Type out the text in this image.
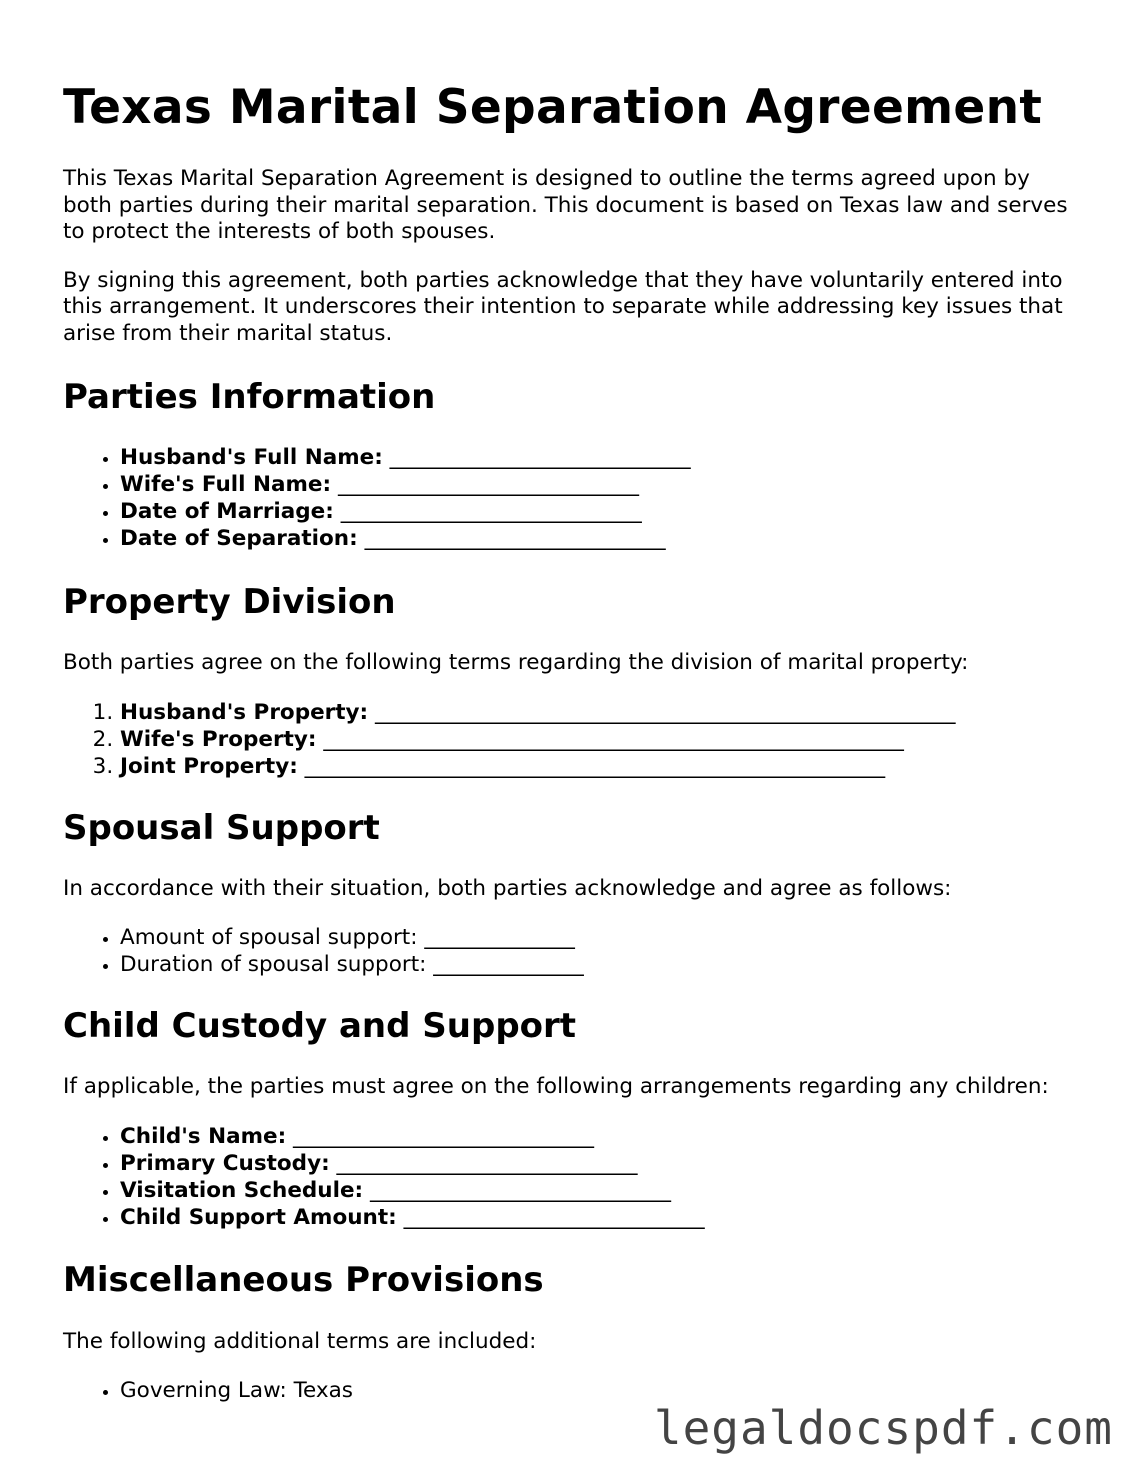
Texas Marital Separation Agreement

This Texas Marital Separation Agreement is designed to outline the terms agreed upon by both parties during their marital separation. This document is based on Texas law and serves to protect the interests of both spouses.

By signing this agreement, both parties acknowledge that they have voluntarily entered into this arrangement. It underscores their intention to separate while addressing key issues that arise from their marital status.

Parties Information
• Husband's Full Name: ____________________________
• Wife's Full Name: ____________________________
• Date of Marriage: ____________________________
• Date of Separation: ____________________________
Property Division

Both parties agree on the following terms regarding the division of marital property:

1. Husband's Property: ______________________________________________________
2. Wife's Property: ______________________________________________________
3. Joint Property: ______________________________________________________
Spousal Support

In accordance with their situation, both parties acknowledge and agree as follows:

• Amount of spousal support: ______________
• Duration of spousal support: ______________
Child Custody and Support

If applicable, the parties must agree on the following arrangements regarding any children:

• Child's Name: ____________________________
• Primary Custody: ____________________________
• Visitation Schedule: ____________________________
• Child Support Amount: ____________________________
Miscellaneous Provisions

The following additional terms are included:

• Governing Law: Texas
legaldocspdf.com
